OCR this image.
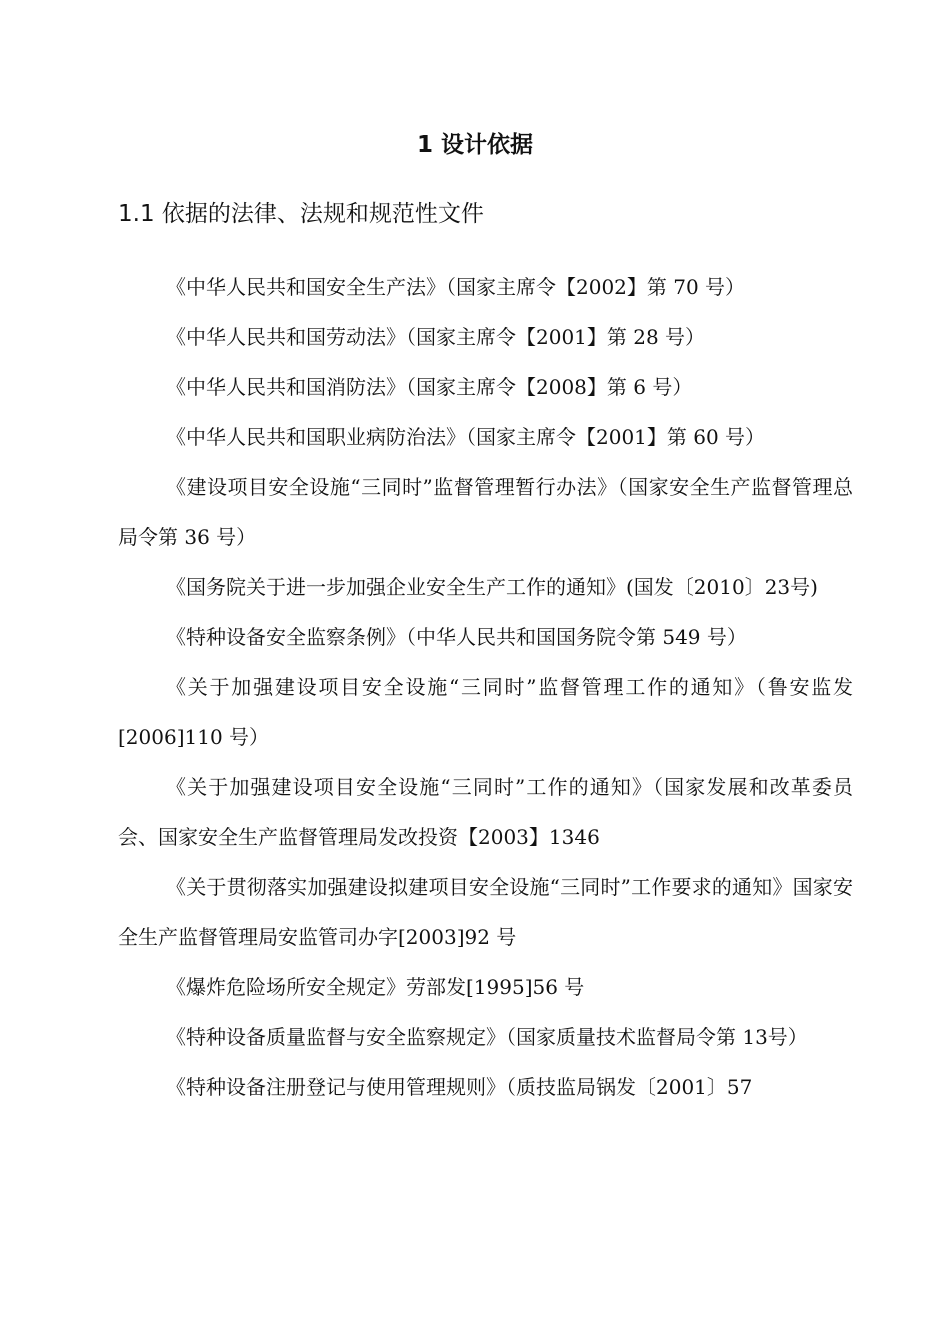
1 设计依据
1.1 依据的法律、法规和规范性文件
《中华人民共和国安全生产法》（国家主席令【2002】第 70 号）
《中华人民共和国劳动法》（国家主席令【2001】第 28 号）
《中华人民共和国消防法》（国家主席令【2008】第 6 号）
《中华人民共和国职业病防治法》（国家主席令【2001】第 60 号）
《建设项目安全设施“三同时”监督管理暂行办法》（国家安全生产监督管理总局令第 36 号）
《国务院关于进一步加强企业安全生产工作的通知》(国发〔2010〕23号)
《特种设备安全监察条例》（中华人民共和国国务院令第 549 号）
《关于加强建设项目安全设施“三同时”监督管理工作的通知》（鲁安监发[2006]110 号）
《关于加强建设项目安全设施“三同时”工作的通知》（国家发展和改革委员会、国家安全生产监督管理局发改投资【2003】1346
《关于贯彻落实加强建设拟建项目安全设施“三同时”工作要求的通知》国家安全生产监督管理局安监管司办字[2003]92 号
《爆炸危险场所安全规定》劳部发[1995]56 号
《特种设备质量监督与安全监察规定》（国家质量技术监督局令第 13号）
《特种设备注册登记与使用管理规则》（质技监局锅发〔2001〕57
